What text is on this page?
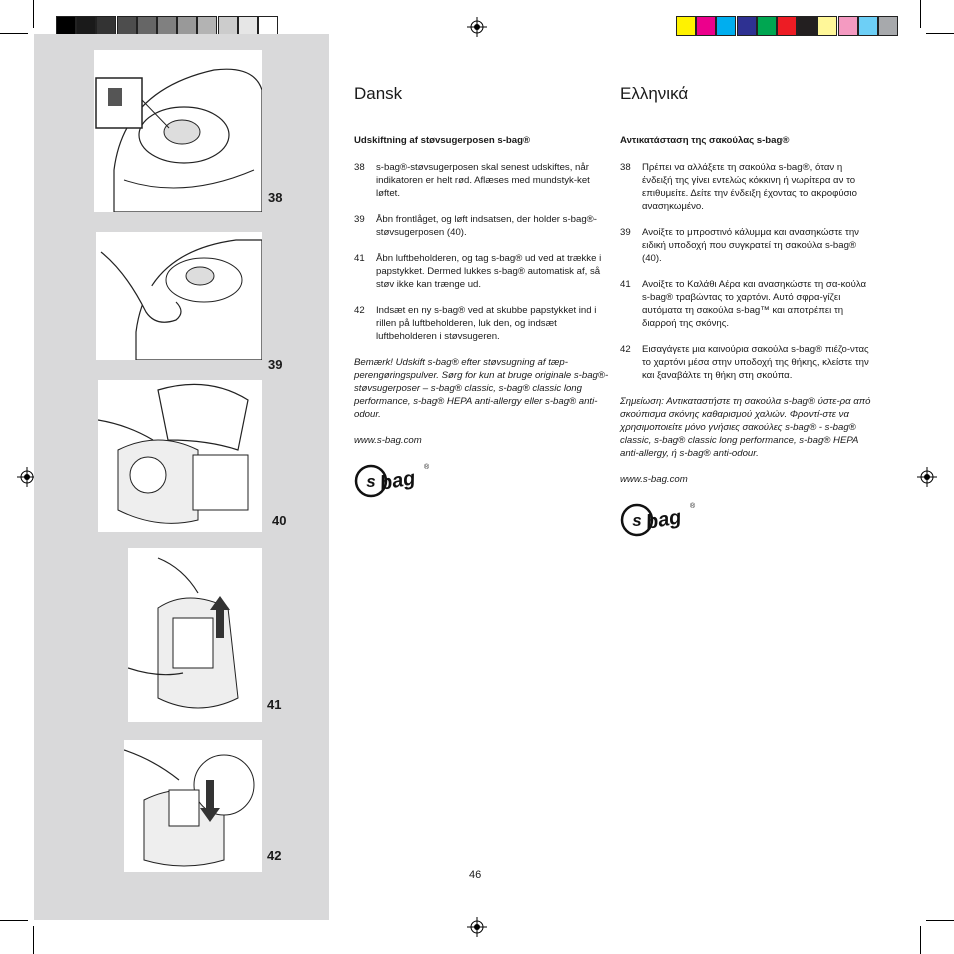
38
39
40
41
42
Dansk
Udskiftning af støvsugerposen s-bag®
38	s-bag®-støvsugerposen skal senest udskiftes, når indikatoren er helt rød. Aflæses med mundstyk-ket løftet.
39	Åbn frontlåget, og løft indsatsen, der holder s-bag®-støvsugerposen (40).
41	Åbn luftbeholderen, og tag s-bag® ud ved at trække i papstykket. Dermed lukkes s-bag® automatisk af, så støv ikke kan trænge ud.
42	Indsæt en ny s-bag® ved at skubbe papstykket ind i rillen på luftbeholderen, luk den, og indsæt luftbeholderen i støvsugeren.
Bemærk! Udskift s-bag® efter støvsugning af tæp-perengøringspulver. Sørg for kun at bruge originale s-bag®-støvsugerposer – s-bag® classic, s-bag® classic long performance, s-bag® HEPA anti-allergy eller s-bag® anti-odour.
www.s-bag.com
s bag ®
Ελληνικά
Αντικατάσταση της σακούλας s-bag®
38	Πρέπει να αλλάξετε τη σακούλα s-bag®, όταν η ένδειξή της γίνει εντελώς κόκκινη ή νωρίτερα αν το επιθυμείτε. Δείτε την ένδειξη έχοντας το ακροφύσιο ανασηκωμένο.
39	Ανοίξτε το μπροστινό κάλυμμα και ανασηκώστε την ειδική υποδοχή που συγκρατεί τη σακούλα s-bag® (40).
41	Ανοίξτε το Καλάθι Αέρα και ανασηκώστε τη σα-κούλα s-bag® τραβώντας το χαρτόνι. Αυτό σφρα-γίζει αυτόματα τη σακούλα s-bag™ και αποτρέπει τη διαρροή της σκόνης.
42	Εισαγάγετε μια καινούρια σακούλα s-bag® πιέζο-ντας το χαρτόνι μέσα στην υποδοχή της θήκης, κλείστε την και ξαναβάλτε τη θήκη στη σκούπα.
Σημείωση: Αντικαταστήστε τη σακούλα s-bag® ύστε-ρα από σκούπισμα σκόνης καθαρισμού χαλιών. Φροντί-στε να χρησιμοποιείτε μόνο γνήσιες σακούλες s-bag® - s-bag® classic, s-bag® classic long performance, s-bag® HEPA anti-allergy, ή s-bag® anti-odour.
www.s-bag.com
s bag ®
46
